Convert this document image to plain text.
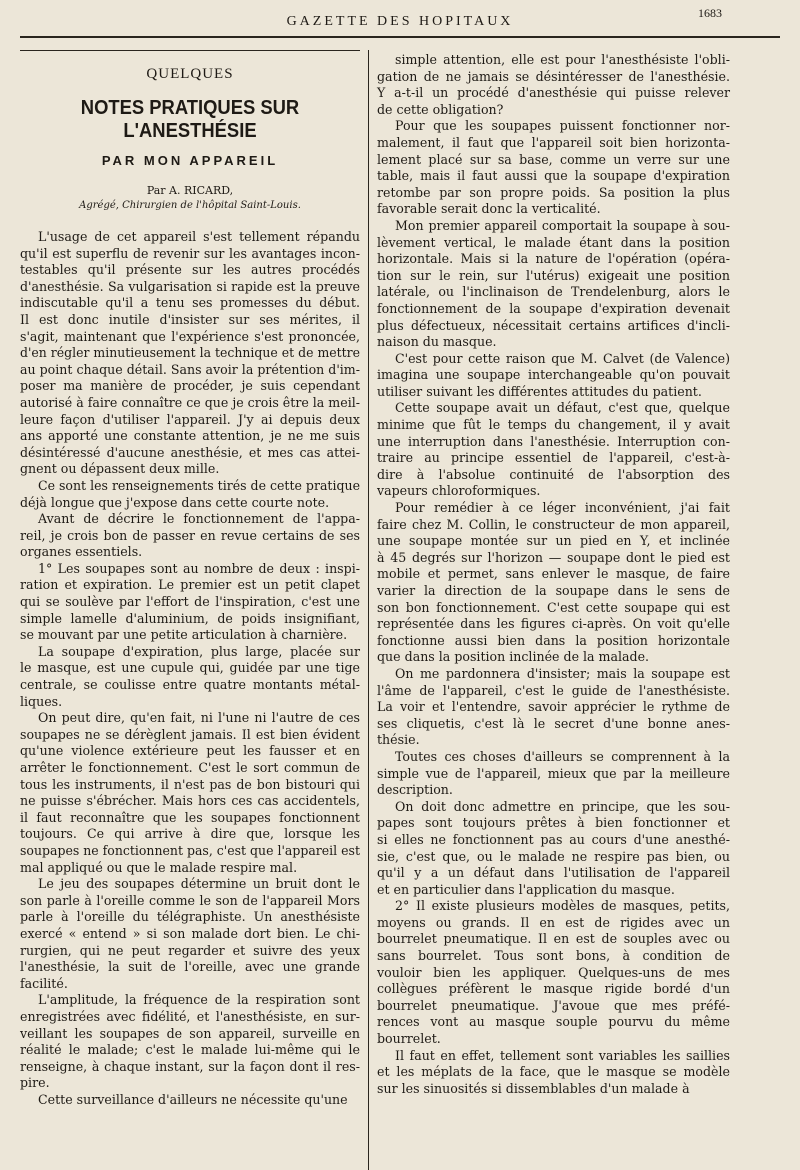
GAZETTE DES HOPITAUX
1683
QUELQUES
NOTES PRATIQUES SUR L'ANESTHÉSIE
PAR MON APPAREIL
Par A. RICARD,
Agrégé, Chirurgien de l'hôpital Saint-Louis.
L'usage de cet appareil s'est tellement répandu
qu'il est superflu de revenir sur les avantages incon-
testables qu'il présente sur les autres procédés
d'anesthésie. Sa vulgarisation si rapide est la preuve
indiscutable qu'il a tenu ses promesses du début.
Il est donc inutile d'insister sur ses mérites, il
s'agit, maintenant que l'expérience s'est prononcée,
d'en régler minutieusement la technique et de mettre
au point chaque détail. Sans avoir la prétention d'im-
poser ma manière de procéder, je suis cependant
autorisé à faire connaître ce que je crois être la meil-
leure façon d'utiliser l'appareil. J'y ai depuis deux
ans apporté une constante attention, je ne me suis
désintéressé d'aucune anesthésie, et mes cas attei-
gnent ou dépassent deux mille.
Ce sont les renseignements tirés de cette pratique
déjà longue que j'expose dans cette courte note.
Avant de décrire le fonctionnement de l'appa-
reil, je crois bon de passer en revue certains de ses
organes essentiels.
1° Les soupapes sont au nombre de deux : inspi-
ration et expiration. Le premier est un petit clapet
qui se soulève par l'effort de l'inspiration, c'est une
simple lamelle d'aluminium, de poids insignifiant,
se mouvant par une petite articulation à charnière.
La soupape d'expiration, plus large, placée sur
le masque, est une cupule qui, guidée par une tige
centrale, se coulisse entre quatre montants métal-
liques.
On peut dire, qu'en fait, ni l'une ni l'autre de ces
soupapes ne se dérèglent jamais. Il est bien évident
qu'une violence extérieure peut les fausser et en
arrêter le fonctionnement. C'est le sort commun de
tous les instruments, il n'est pas de bon bistouri qui
ne puisse s'ébrécher. Mais hors ces cas accidentels,
il faut reconnaître que les soupapes fonctionnent
toujours. Ce qui arrive à dire que, lorsque les
soupapes ne fonctionnent pas, c'est que l'appareil est
mal appliqué ou que le malade respire mal.
Le jeu des soupapes détermine un bruit dont le
son parle à l'oreille comme le son de l'appareil Mors
parle à l'oreille du télégraphiste. Un anesthésiste
exercé « entend » si son malade dort bien. Le chi-
rurgien, qui ne peut regarder et suivre des yeux
l'anesthésie, la suit de l'oreille, avec une grande
facilité.
L'amplitude, la fréquence de la respiration sont
enregistrées avec fidélité, et l'anesthésiste, en sur-
veillant les soupapes de son appareil, surveille en
réalité le malade; c'est le malade lui-même qui le
renseigne, à chaque instant, sur la façon dont il res-
pire.
Cette surveillance d'ailleurs ne nécessite qu'une
simple attention, elle est pour l'anesthésiste l'obli-
gation de ne jamais se désintéresser de l'anesthésie.
Y a-t-il un procédé d'anesthésie qui puisse relever
de cette obligation?
Pour que les soupapes puissent fonctionner nor-
malement, il faut que l'appareil soit bien horizonta-
lement placé sur sa base, comme un verre sur une
table, mais il faut aussi que la soupape d'expiration
retombe par son propre poids. Sa position la plus
favorable serait donc la verticalité.
Mon premier appareil comportait la soupape à sou-
lèvement vertical, le malade étant dans la position
horizontale. Mais si la nature de l'opération (opéra-
tion sur le rein, sur l'utérus) exigeait une position
latérale, ou l'inclinaison de Trendelenburg, alors le
fonctionnement de la soupape d'expiration devenait
plus défectueux, nécessitait certains artifices d'incli-
naison du masque.
C'est pour cette raison que M. Calvet (de Valence)
imagina une soupape interchangeable qu'on pouvait
utiliser suivant les différentes attitudes du patient.
Cette soupape avait un défaut, c'est que, quelque
minime que fût le temps du changement, il y avait
une interruption dans l'anesthésie. Interruption con-
traire au principe essentiel de l'appareil, c'est-à-
dire à l'absolue continuité de l'absorption des
vapeurs chloroformiques.
Pour remédier à ce léger inconvénient, j'ai fait
faire chez M. Collin, le constructeur de mon appareil,
une soupape montée sur un pied en Y, et inclinée
à 45 degrés sur l'horizon — soupape dont le pied est
mobile et permet, sans enlever le masque, de faire
varier la direction de la soupape dans le sens de
son bon fonctionnement. C'est cette soupape qui est
représentée dans les figures ci-après. On voit qu'elle
fonctionne aussi bien dans la position horizontale
que dans la position inclinée de la malade.
On me pardonnera d'insister; mais la soupape est
l'âme de l'appareil, c'est le guide de l'anesthésiste.
La voir et l'entendre, savoir apprécier le rythme de
ses cliquetis, c'est là le secret d'une bonne anes-
thésie.
Toutes ces choses d'ailleurs se comprennent à la
simple vue de l'appareil, mieux que par la meilleure
description.
On doit donc admettre en principe, que les sou-
papes sont toujours prêtes à bien fonctionner et
si elles ne fonctionnent pas au cours d'une anesthé-
sie, c'est que, ou le malade ne respire pas bien, ou
qu'il y a un défaut dans l'utilisation de l'appareil
et en particulier dans l'application du masque.
2° Il existe plusieurs modèles de masques, petits,
moyens ou grands. Il en est de rigides avec un
bourrelet pneumatique. Il en est de souples avec ou
sans bourrelet. Tous sont bons, à condition de
vouloir bien les appliquer. Quelques-uns de mes
collègues préfèrent le masque rigide bordé d'un
bourrelet pneumatique. J'avoue que mes préfé-
rences vont au masque souple pourvu du même
bourrelet.
Il faut en effet, tellement sont variables les saillies
et les méplats de la face, que le masque se modèle
sur les sinuosités si dissemblables d'un malade à
